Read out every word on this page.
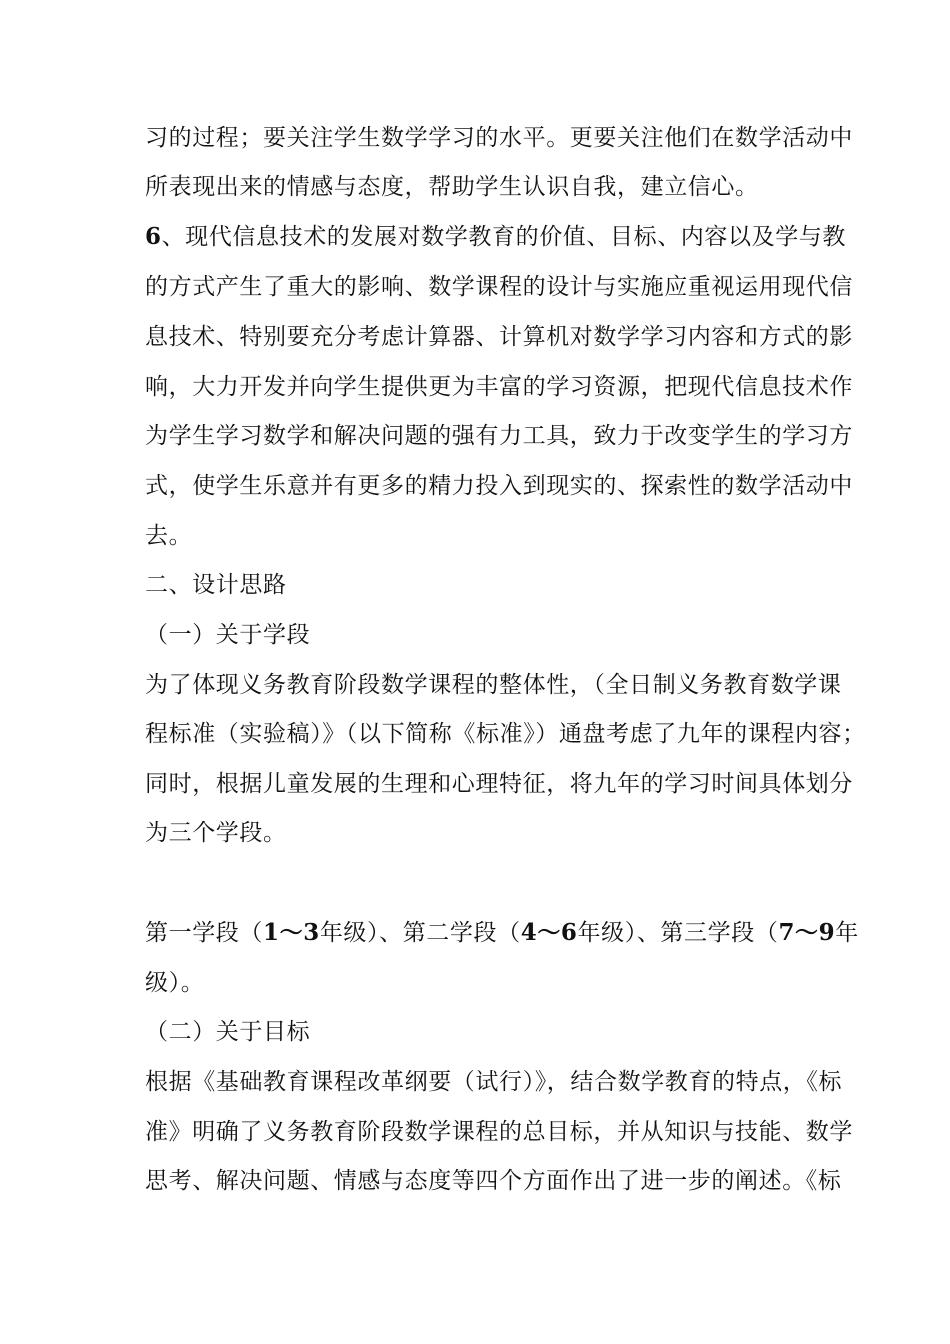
习的过程；要关注学生数学学习的水平。更要关注他们在数学活动中
所表现出来的情感与态度，帮助学生认识自我，建立信心。
6、现代信息技术的发展对数学教育的价值、目标、内容以及学与教
的方式产生了重大的影响、数学课程的设计与实施应重视运用现代信
息技术、特别要充分考虑计算器、计算机对数学学习内容和方式的影
响，大力开发并向学生提供更为丰富的学习资源，把现代信息技术作
为学生学习数学和解决问题的强有力工具，致力于改变学生的学习方
式，使学生乐意并有更多的精力投入到现实的、探索性的数学活动中
去。
二、设计思路
（一）关于学段
为了体现义务教育阶段数学课程的整体性，（全日制义务教育数学课
程标准（实验稿）》（以下简称《标准》）通盘考虑了九年的课程内容；
同时，根据儿童发展的生理和心理特征，将九年的学习时间具体划分
为三个学段。
第一学段（1～3年级）、第二学段（4～6年级）、第三学段（7～9年
级）。
（二）关于目标
根据《基础教育课程改革纲要（试行）》，结合数学教育的特点，《标
准》明确了义务教育阶段数学课程的总目标，并从知识与技能、数学
思考、解决问题、情感与态度等四个方面作出了进一步的阐述。《标
